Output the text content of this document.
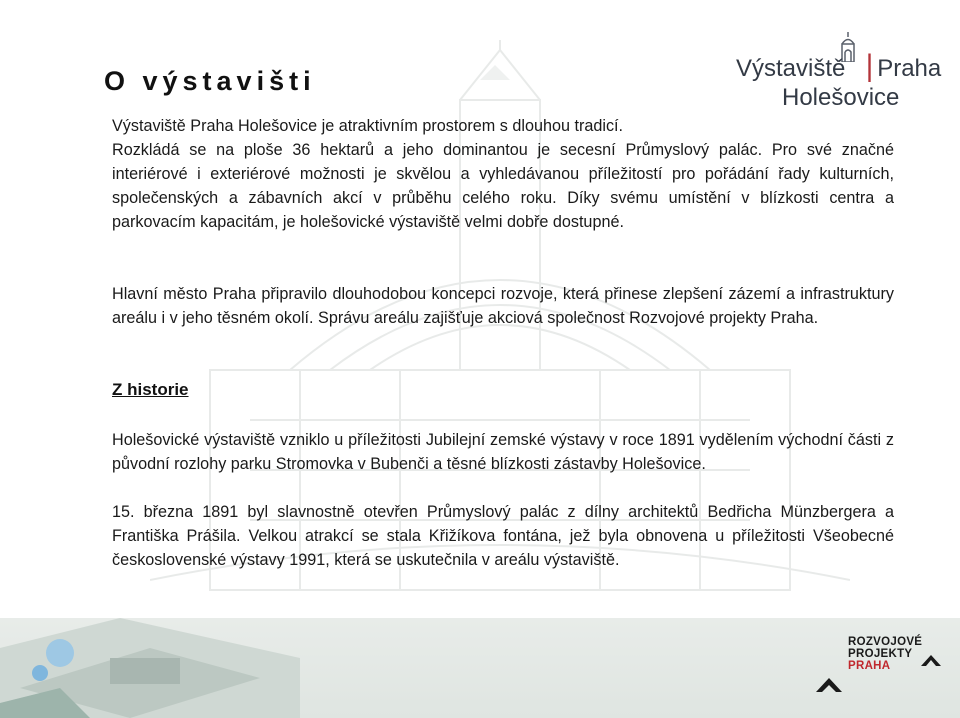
O výstavišti	Výstaviště ▕ Praha
Holešovice

Výstaviště Praha Holešovice je atraktivním prostorem s dlouhou tradicí.
Rozkládá se na ploše 36 hektarů a jeho dominantou je secesní Průmyslový palác. Pro své značné interiérové i exteriérové možnosti je skvělou a vyhledávanou příležitostí pro pořádání řady kulturních, společenských a zábavních akcí v průběhu celého roku. Díky svému umístění v blízkosti centra a parkovacím kapacitám, je holešovické výstaviště velmi dobře dostupné.

Hlavní město Praha připravilo dlouhodobou koncepci rozvoje, která přinese zlepšení zázemí a infrastruktury areálu i v jeho těsném okolí. Správu areálu zajišťuje akciová společnost Rozvojové projekty Praha.

Z historie

Holešovické výstaviště vzniklo u příležitosti Jubilejní zemské výstavy v roce 1891 vydělením východní části z původní rozlohy parku Stromovka v Bubenči a těsné blízkosti zástavby Holešovice.

15. března 1891 byl slavnostně otevřen Průmyslový palác z dílny architektů Bedřicha Münzbergera a Františka Prášila. Velkou atrakcí se stala Křižíkova fontána, jež byla obnovena u příležitosti Všeobecné československé výstavy 1991, která se uskutečnila v areálu výstaviště.

ROZVOJOVÉ
PROJEKTY
PRAHA
